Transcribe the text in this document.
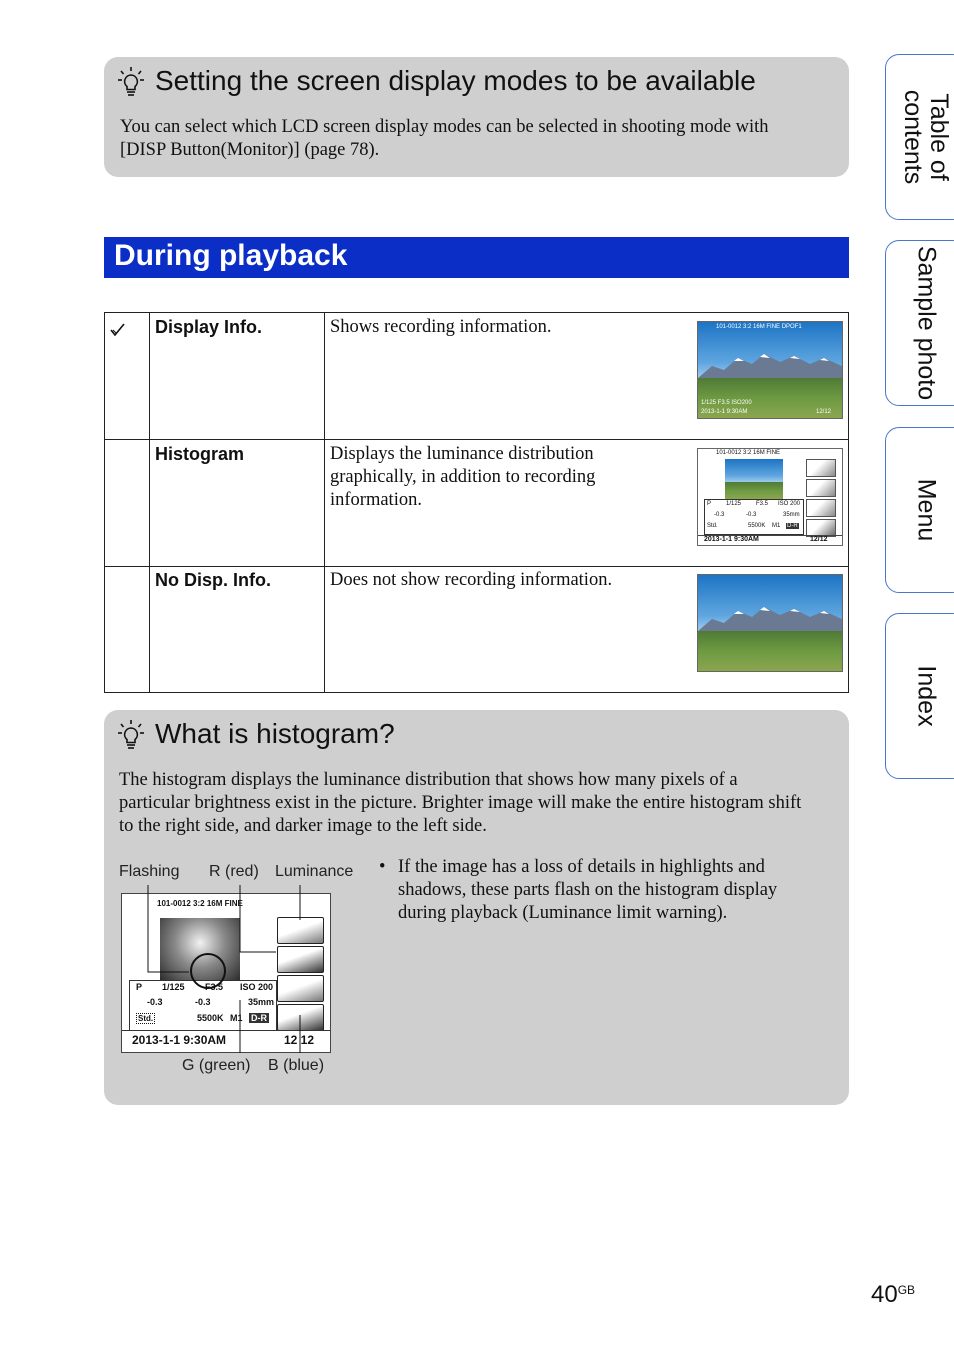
Setting the screen display modes to be available
You can select which LCD screen display modes can be selected in shooting mode with
[DISP Button(Monitor)] (page 78).
During playback
Display Info.	Shows recording information.	101-0012 3:2 16M FINE DPOF1
1/125 F3.5 ISO200
2013-1-1 9:30AM	12/12
Histogram	Displays the luminance distribution
graphically, in addition to recording
information.
101-0012 3:2 16M FINE
P 1/125 F3.5 ISO 200
-0.3	-0.3	35mm
Std.	5500K M1 D-R
2013-1-1 9:30AM	12/12
No Disp. Info.	Does not show recording information.
What is histogram?
The histogram displays the luminance distribution that shows how many pixels of a
particular brightness exist in the picture. Brighter image will make the entire histogram shift
to the right side, and darker image to the left side.
Flashing R (red) Luminance
G (green) B (blue)
101-0012 3:2 16M FINE
P 1/125 F3.5 ISO 200
-0.3	-0.3	35mm
Std.	5500K M1 D-R
2013-1-1 9:30AM	12 12
• If the image has a loss of details in highlights and
shadows, these parts flash on the histogram display
during playback (Luminance limit warning).
Table of
contents
Sample photo
Menu
Index
$40^{GB}$
